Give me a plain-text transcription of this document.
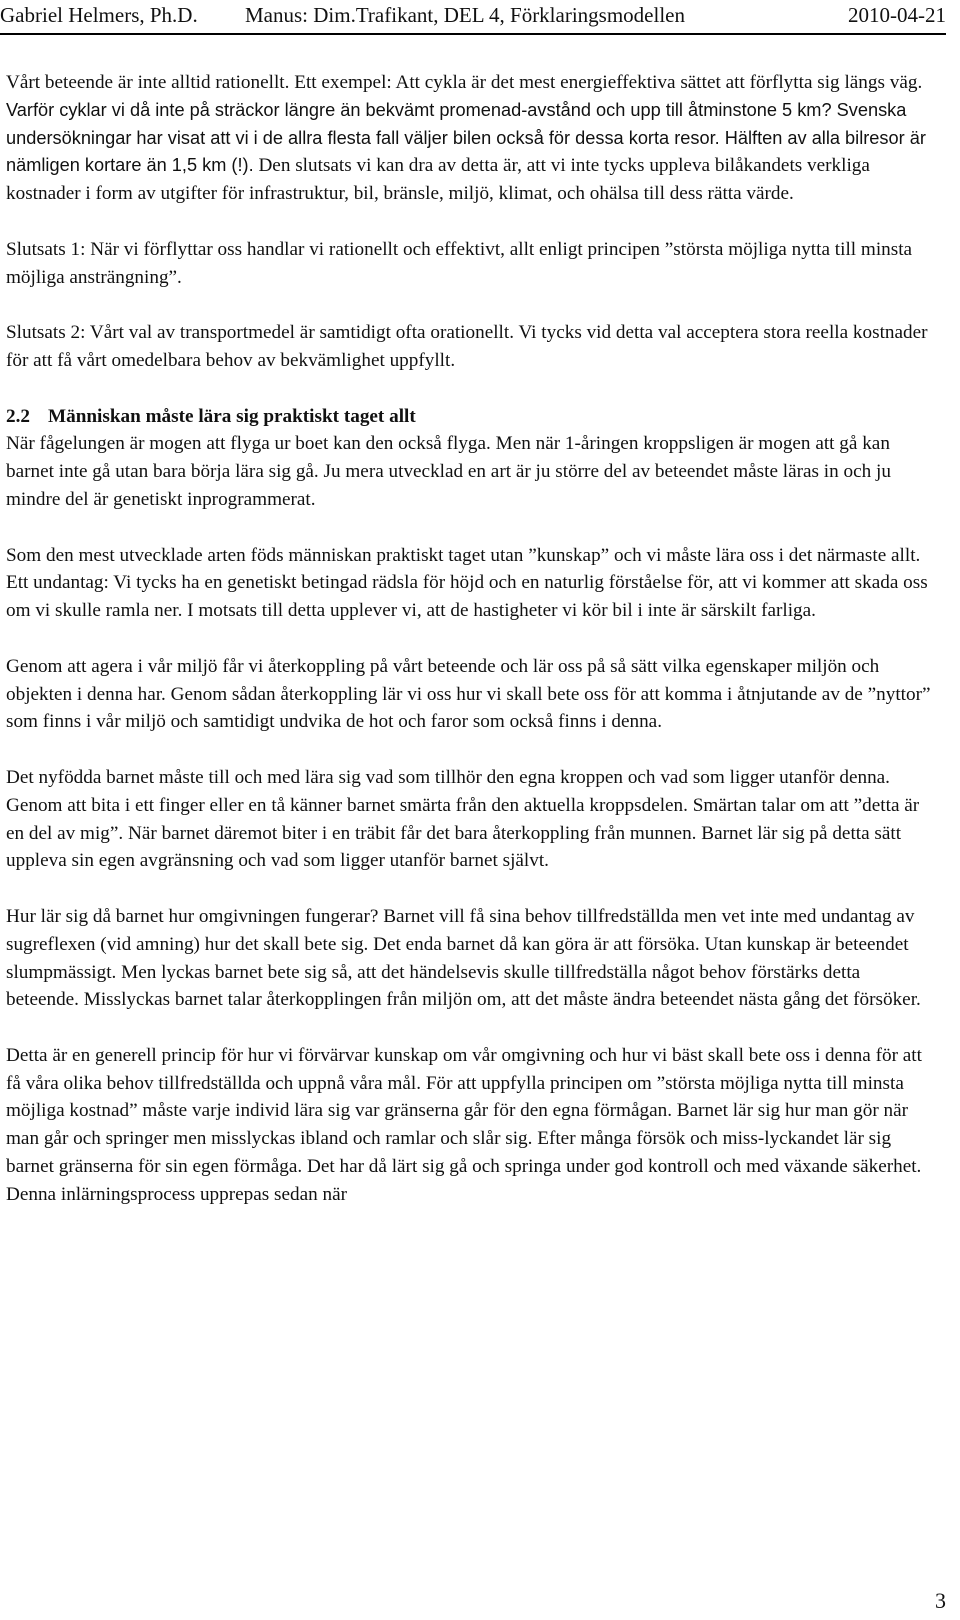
Gabriel Helmers, Ph.D. Manus: Dim.Trafikant, DEL 4, Förklaringsmodellen	2010-04-21

Vårt beteende är inte alltid rationellt. Ett exempel: Att cykla är det mest energieffektiva sättet att förflytta sig längs väg. Varför cyklar vi då inte på sträckor längre än bekvämt promenad-avstånd och upp till åtminstone 5 km? Svenska undersökningar har visat att vi i de allra flesta fall väljer bilen också för dessa korta resor. Hälften av alla bilresor är nämligen kortare än 1,5 km (!). Den slutsats vi kan dra av detta är, att vi inte tycks uppleva bilåkandets verkliga kostnader i form av utgifter för infrastruktur, bil, bränsle, miljö, klimat, och ohälsa till dess rätta värde.

Slutsats 1: När vi förflyttar oss handlar vi rationellt och effektivt, allt enligt principen ”största möjliga nytta till minsta möjliga ansträngning”.

Slutsats 2: Vårt val av transportmedel är samtidigt ofta orationellt. Vi tycks vid detta val acceptera stora reella kostnader för att få vårt omedelbara behov av bekvämlighet uppfyllt.

2.2 Människan måste lära sig praktiskt taget allt

När fågelungen är mogen att flyga ur boet kan den också flyga. Men när 1-åringen kroppsligen är mogen att gå kan barnet inte gå utan bara börja lära sig gå. Ju mera utvecklad en art är ju större del av beteendet måste läras in och ju mindre del är genetiskt inprogrammerat.

Som den mest utvecklade arten föds människan praktiskt taget utan ”kunskap” och vi måste lära oss i det närmaste allt. Ett undantag: Vi tycks ha en genetiskt betingad rädsla för höjd och en naturlig förståelse för, att vi kommer att skada oss om vi skulle ramla ner. I motsats till detta upplever vi, att de hastigheter vi kör bil i inte är särskilt farliga.

Genom att agera i vår miljö får vi återkoppling på vårt beteende och lär oss på så sätt vilka egenskaper miljön och objekten i denna har. Genom sådan återkoppling lär vi oss hur vi skall bete oss för att komma i åtnjutande av de ”nyttor” som finns i vår miljö och samtidigt undvika de hot och faror som också finns i denna.

Det nyfödda barnet måste till och med lära sig vad som tillhör den egna kroppen och vad som ligger utanför denna. Genom att bita i ett finger eller en tå känner barnet smärta från den aktuella kroppsdelen. Smärtan talar om att ”detta är en del av mig”. När barnet däremot biter i en träbit får det bara återkoppling från munnen. Barnet lär sig på detta sätt uppleva sin egen avgränsning och vad som ligger utanför barnet självt.

Hur lär sig då barnet hur omgivningen fungerar? Barnet vill få sina behov tillfredställda men vet inte med undantag av sugreflexen (vid amning) hur det skall bete sig. Det enda barnet då kan göra är att försöka. Utan kunskap är beteendet slumpmässigt. Men lyckas barnet bete sig så, att det händelsevis skulle tillfredställa något behov förstärks detta beteende. Misslyckas barnet talar återkopplingen från miljön om, att det måste ändra beteendet nästa gång det försöker.

Detta är en generell princip för hur vi förvärvar kunskap om vår omgivning och hur vi bäst skall bete oss i denna för att få våra olika behov tillfredställda och uppnå våra mål. För att uppfylla principen om ”största möjliga nytta till minsta möjliga kostnad” måste varje individ lära sig var gränserna går för den egna förmågan. Barnet lär sig hur man gör när man går och springer men misslyckas ibland och ramlar och slår sig. Efter många försök och miss-lyckandet lär sig barnet gränserna för sin egen förmåga. Det har då lärt sig gå och springa under god kontroll och med växande säkerhet. Denna inlärningsprocess upprepas sedan när

3
